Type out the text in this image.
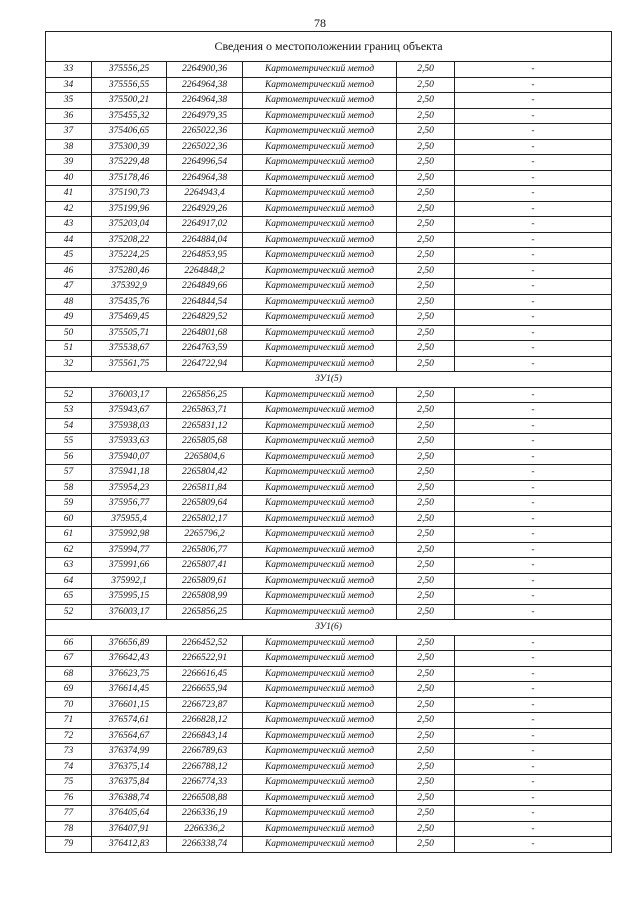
78
Сведения о местоположении границ объекта					
33	375556,25	2264900,36	Картометрический метод	2,50	-
34	375556,55	2264964,38	Картометрический метод	2,50	-
35	375500,21	2264964,38	Картометрический метод	2,50	-
36	375455,32	2264979,35	Картометрический метод	2,50	-
37	375406,65	2265022,36	Картометрический метод	2,50	-
38	375300,39	2265022,36	Картометрический метод	2,50	-
39	375229,48	2264996,54	Картометрический метод	2,50	-
40	375178,46	2264964,38	Картометрический метод	2,50	-
41	375190,73	2264943,4	Картометрический метод	2,50	-
42	375199,96	2264929,26	Картометрический метод	2,50	-
43	375203,04	2264917,02	Картометрический метод	2,50	-
44	375208,22	2264884,04	Картометрический метод	2,50	-
45	375224,25	2264853,95	Картометрический метод	2,50	-
46	375280,46	2264848,2	Картометрический метод	2,50	-
47	375392,9	2264849,66	Картометрический метод	2,50	-
48	375435,76	2264844,54	Картометрический метод	2,50	-
49	375469,45	2264829,52	Картометрический метод	2,50	-
50	375505,71	2264801,68	Картометрический метод	2,50	-
51	375538,67	2264763,59	Картометрический метод	2,50	-
32	375561,75	2264722,94	Картометрический метод	2,50	-
ЗУ1(5)					
52	376003,17	2265856,25	Картометрический метод	2,50	-
53	375943,67	2265863,71	Картометрический метод	2,50	-
54	375938,03	2265831,12	Картометрический метод	2,50	-
55	375933,63	2265805,68	Картометрический метод	2,50	-
56	375940,07	2265804,6	Картометрический метод	2,50	-
57	375941,18	2265804,42	Картометрический метод	2,50	-
58	375954,23	2265811,84	Картометрический метод	2,50	-
59	375956,77	2265809,64	Картометрический метод	2,50	-
60	375955,4	2265802,17	Картометрический метод	2,50	-
61	375992,98	2265796,2	Картометрический метод	2,50	-
62	375994,77	2265806,77	Картометрический метод	2,50	-
63	375991,66	2265807,41	Картометрический метод	2,50	-
64	375992,1	2265809,61	Картометрический метод	2,50	-
65	375995,15	2265808,99	Картометрический метод	2,50	-
52	376003,17	2265856,25	Картометрический метод	2,50	-
ЗУ1(6)					
66	376656,89	2266452,52	Картометрический метод	2,50	-
67	376642,43	2266522,91	Картометрический метод	2,50	-
68	376623,75	2266616,45	Картометрический метод	2,50	-
69	376614,45	2266655,94	Картометрический метод	2,50	-
70	376601,15	2266723,87	Картометрический метод	2,50	-
71	376574,61	2266828,12	Картометрический метод	2,50	-
72	376564,67	2266843,14	Картометрический метод	2,50	-
73	376374,99	2266789,63	Картометрический метод	2,50	-
74	376375,14	2266788,12	Картометрический метод	2,50	-
75	376375,84	2266774,33	Картометрический метод	2,50	-
76	376388,74	2266508,88	Картометрический метод	2,50	-
77	376405,64	2266336,19	Картометрический метод	2,50	-
78	376407,91	2266336,2	Картометрический метод	2,50	-
79	376412,83	2266338,74	Картометрический метод	2,50	-
